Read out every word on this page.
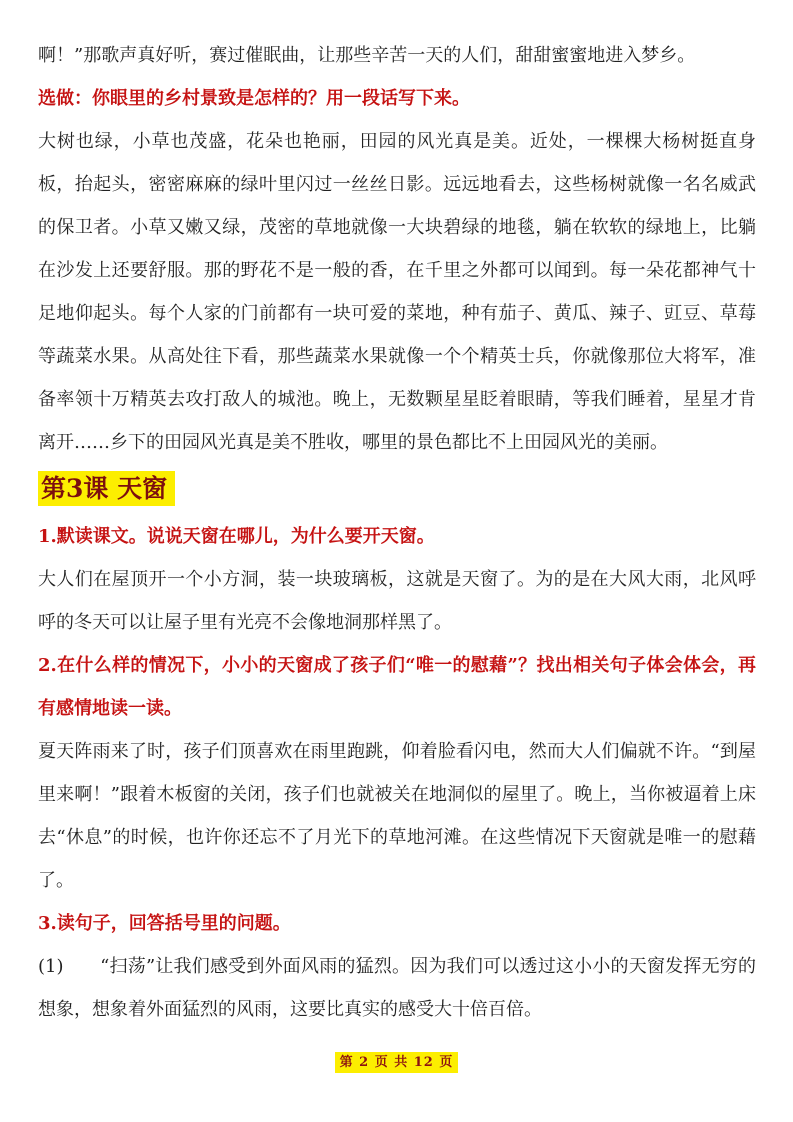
啊！”那歌声真好听，赛过催眠曲，让那些辛苦一天的人们，甜甜蜜蜜地进入梦乡。

选做：你眼里的乡村景致是怎样的？用一段话写下来。

大树也绿，小草也茂盛，花朵也艳丽，田园的风光真是美。近处，一棵棵大杨树挺直身板，抬起头，密密麻麻的绿叶里闪过一丝丝日影。远远地看去，这些杨树就像一名名威武的保卫者。小草又嫩又绿，茂密的草地就像一大块碧绿的地毯，躺在软软的绿地上，比躺在沙发上还要舒服。那的野花不是一般的香，在千里之外都可以闻到。每一朵花都神气十足地仰起头。每个人家的门前都有一块可爱的菜地，种有茄子、黄瓜、辣子、豇豆、草莓等蔬菜水果。从高处往下看，那些蔬菜水果就像一个个精英士兵，你就像那位大将军，准备率领十万精英去攻打敌人的城池。晚上，无数颗星星眨着眼睛，等我们睡着，星星才肯离开……乡下的田园风光真是美不胜收，哪里的景色都比不上田园风光的美丽。

第3课 天窗

1.默读课文。说说天窗在哪儿，为什么要开天窗。

大人们在屋顶开一个小方洞，装一块玻璃板，这就是天窗了。为的是在大风大雨，北风呼呼的冬天可以让屋子里有光亮不会像地洞那样黑了。

2.在什么样的情况下，小小的天窗成了孩子们“唯一的慰藉”？找出相关句子体会体会，再有感情地读一读。

夏天阵雨来了时，孩子们顶喜欢在雨里跑跳，仰着脸看闪电，然而大人们偏就不许。“到屋里来啊！”跟着木板窗的关闭，孩子们也就被关在地洞似的屋里了。晚上，当你被逼着上床去“休息”的时候，也许你还忘不了月光下的草地河滩。在这些情况下天窗就是唯一的慰藉了。

3.读句子，回答括号里的问题。

(1)　　“扫荡”让我们感受到外面风雨的猛烈。因为我们可以透过这小小的天窗发挥无穷的想象，想象着外面猛烈的风雨，这要比真实的感受大十倍百倍。

第 2 页 共 12 页
